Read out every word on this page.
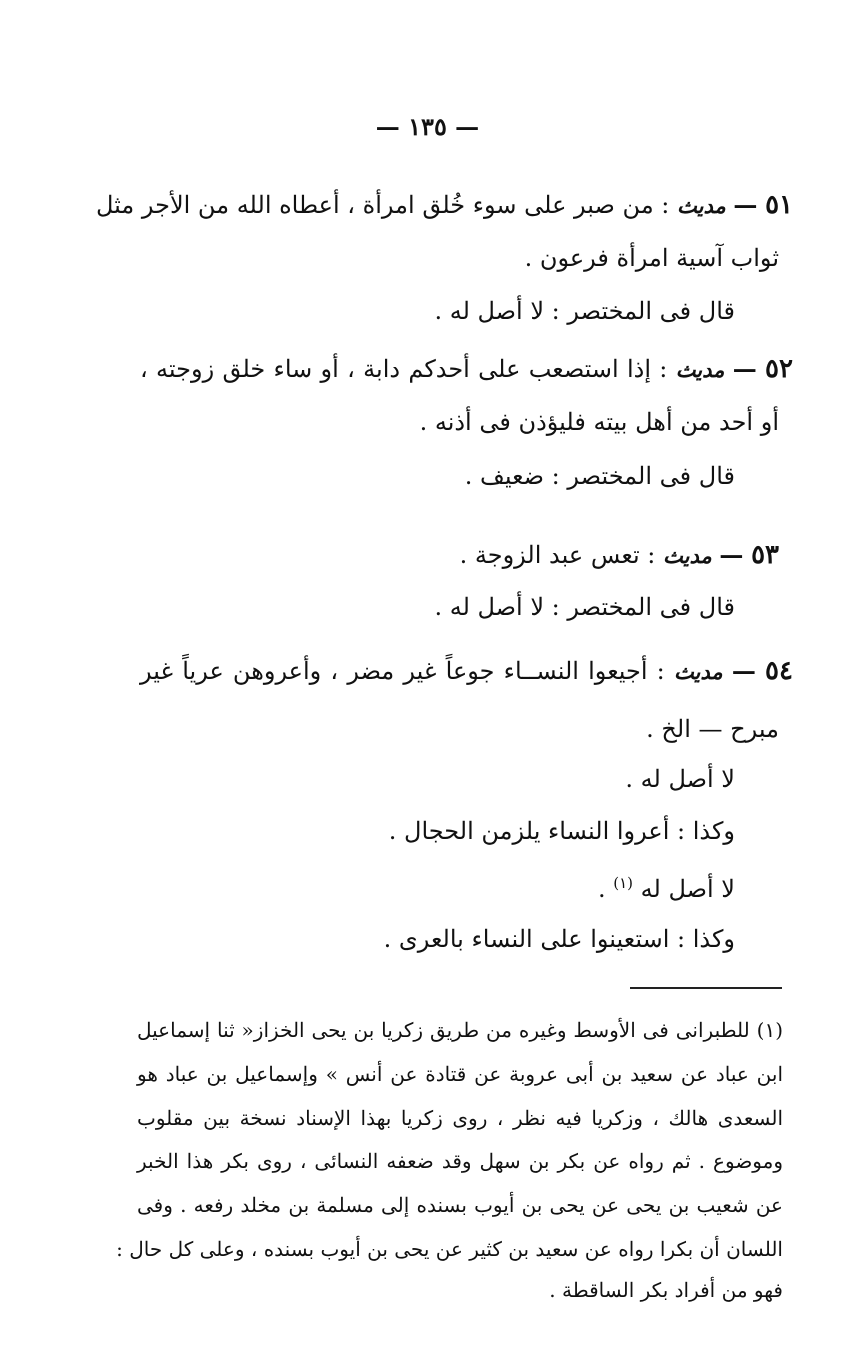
— ١٣٥ —
٥١ — مديث : من صبر على سوء خُلق امرأة ، أعطاه الله من الأجر مثل
ثواب آسية امرأة فرعون .
قال فى المختصر : لا أصل له .
٥٢ — مديث : إذا استصعب على أحدكم دابة ، أو ساء خلق زوجته ،
أو أحد من أهل بيته فليؤذن فى أذنه .
قال فى المختصر : ضعيف .
٥٣ — مديث : تعس عبد الزوجة .
قال فى المختصر : لا أصل له .
٥٤ — مديث : أجيعوا النســاء جوعاً غير مضر ، وأعروهن عرياً غير
مبرح — الخ .
لا أصل له .
وكذا : أعروا النساء يلزمن الحجال .
لا أصل له $^{(١)}$ .
وكذا : استعينوا على النساء بالعرى .
(١) للطبرانى فى الأوسط وغيره من طريق زكريا بن يحى الخزاز« ثنا إسماعيل
ابن عباد عن سعيد بن أبى عروبة عن قتادة عن أنس » وإسماعيل بن عباد هو
السعدى هالك ، وزكريا فيه نظر ، روى زكريا بهذا الإسناد نسخة بين مقلوب
وموضوع . ثم رواه عن بكر بن سهل وقد ضعفه النسائى ، روى بكر هذا الخبر
عن شعيب بن يحى عن يحى بن أيوب بسنده إلى مسلمة بن مخلد رفعه . وفى
اللسان أن بكرا رواه عن سعيد بن كثير عن يحى بن أيوب بسنده ، وعلى كل حال :
فهو من أفراد بكر الساقطة .
